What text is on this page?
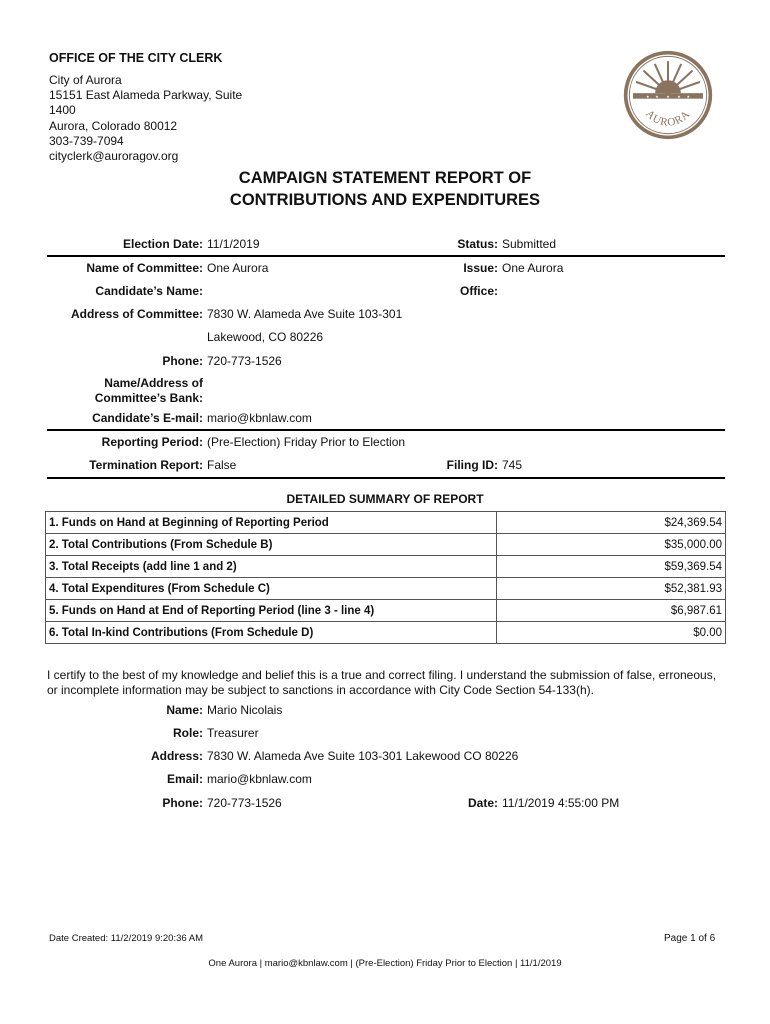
OFFICE OF THE CITY CLERK
City of Aurora
15151 East Alameda Parkway, Suite
1400
Aurora, Colorado 80012
303-739-7094
cityclerk@auroragov.org
★ ★ ★ ★ ★
AURORA
CAMPAIGN STATEMENT REPORT OF
CONTRIBUTIONS AND EXPENDITURES
Election Date: 11/1/2019	Status: Submitted
Name of Committee: One Aurora	Issue: One Aurora
Candidate’s Name:	Office:
Address of Committee: 7830 W. Alameda Ave Suite 103-301
Lakewood, CO 80226
Phone: 720-773-1526
Name/Address of
Committee’s Bank:
Candidate’s E-mail: mario@kbnlaw.com
Reporting Period: (Pre-Election) Friday Prior to Election
Termination Report: False	Filing ID: 745
DETAILED SUMMARY OF REPORT
1. Funds on Hand at Beginning of Reporting Period	$24,369.54
2. Total Contributions (From Schedule B)	$35,000.00
3. Total Receipts (add line 1 and 2)	$59,369.54
4. Total Expenditures (From Schedule C)	$52,381.93
5. Funds on Hand at End of Reporting Period (line 3 - line 4)	$6,987.61
6. Total In-kind Contributions (From Schedule D)	$0.00
I certify to the best of my knowledge and belief this is a true and correct filing. I understand the submission of false, erroneous, or incomplete information may be subject to sanctions in accordance with City Code Section 54-133(h).
Name: Mario Nicolais
Role: Treasurer
Address: 7830 W. Alameda Ave Suite 103-301 Lakewood CO 80226
Email: mario@kbnlaw.com
Phone: 720-773-1526	Date: 11/1/2019 4:55:00 PM
Date Created: 11/2/2019 9:20:36 AM	Page 1 of 6
One Aurora | mario@kbnlaw.com | (Pre-Election) Friday Prior to Election | 11/1/2019
